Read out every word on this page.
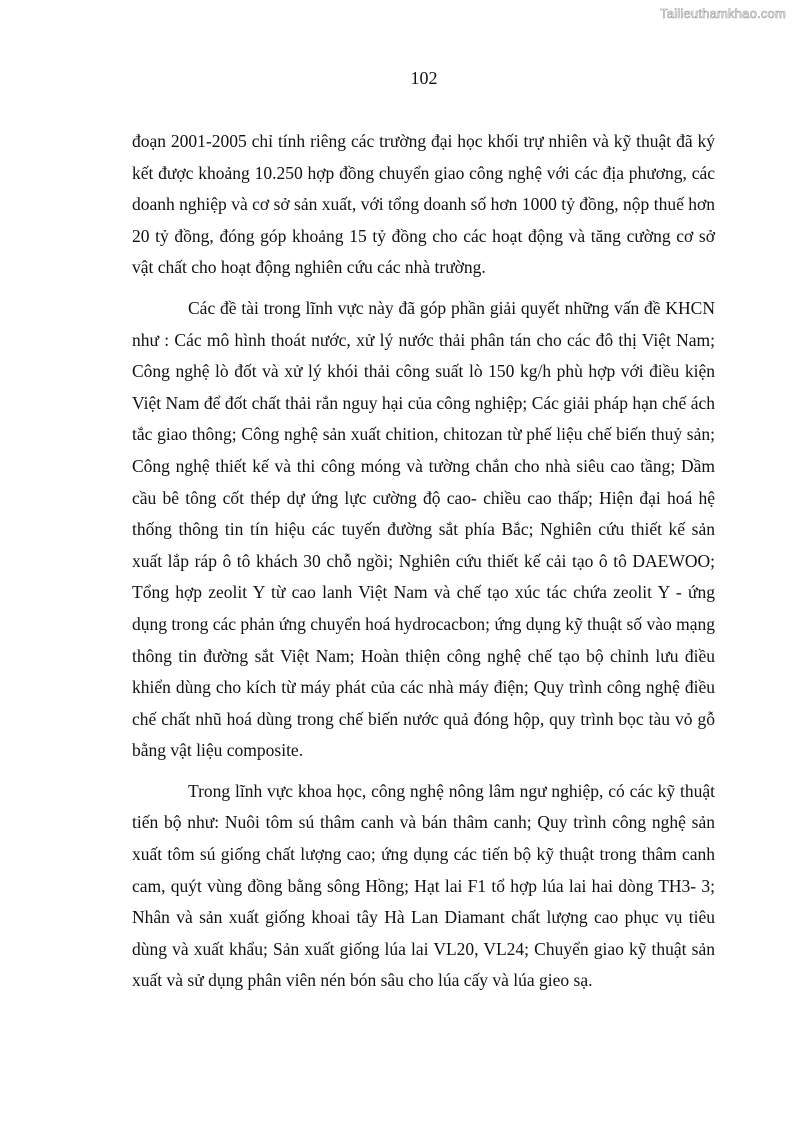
Tailieuthamkhao.com
102

đoạn 2001-2005 chỉ tính riêng các trường đại học khối trự nhiên và kỹ thuật đã ký kết được khoảng 10.250 hợp đồng chuyển giao công nghệ với các địa phương, các doanh nghiệp và cơ sở sản xuất, với tổng doanh số hơn 1000 tỷ đồng, nộp thuế hơn 20 tỷ đồng, đóng góp khoảng 15 tỷ đồng cho các hoạt động và tăng cường cơ sở vật chất cho hoạt động nghiên cứu các nhà trường.

Các đề tài trong lĩnh vực này đã góp phần giải quyết những vấn đề KHCN như : Các mô hình thoát nước, xử lý nước thải phân tán cho các đô thị Việt Nam; Công nghệ lò đốt và xử lý khói thải công suất lò 150 kg/h phù hợp với điều kiện Việt Nam để đốt chất thải rắn nguy hại của công nghiệp; Các giải pháp hạn chế ách tắc giao thông; Công nghệ sản xuất chition, chitozan từ phế liệu chế biến thuỷ sản; Công nghệ thiết kế và thi công móng và tường chắn cho nhà siêu cao tầng; Dầm cầu bê tông cốt thép dự ứng lực cường độ cao- chiều cao thấp; Hiện đại hoá hệ thống thông tin tín hiệu các tuyến đường sắt phía Bắc; Nghiên cứu thiết kế sản xuất lắp ráp ô tô khách 30 chỗ ngồi; Nghiên cứu thiết kế cải tạo ô tô DAEWOO; Tổng hợp zeolit Y từ cao lanh Việt Nam và chế tạo xúc tác chứa zeolit Y - ứng dụng trong các phản ứng chuyển hoá hydrocacbon; ứng dụng kỹ thuật số vào mạng thông tin đường sắt Việt Nam; Hoàn thiện công nghệ chế tạo bộ chỉnh lưu điều khiển dùng cho kích từ máy phát của các nhà máy điện; Quy trình công nghệ điều chế chất nhũ hoá dùng trong chế biến nước quả đóng hộp, quy trình bọc tàu vỏ gỗ bằng vật liệu composite.

Trong lĩnh vực khoa học, công nghệ nông lâm ngư nghiệp, có các kỹ thuật tiến bộ như: Nuôi tôm sú thâm canh và bán thâm canh; Quy trình công nghệ sản xuất tôm sú giống chất lượng cao; ứng dụng các tiến bộ kỹ thuật trong thâm canh cam, quýt vùng đồng bằng sông Hồng; Hạt lai F1 tổ hợp lúa lai hai dòng TH3- 3; Nhân và sản xuất giống khoai tây Hà Lan Diamant chất lượng cao phục vụ tiêu dùng và xuất khẩu; Sản xuất giống lúa lai VL20, VL24; Chuyển giao kỹ thuật sản xuất và sử dụng phân viên nén bón sâu cho lúa cấy và lúa gieo sạ.
